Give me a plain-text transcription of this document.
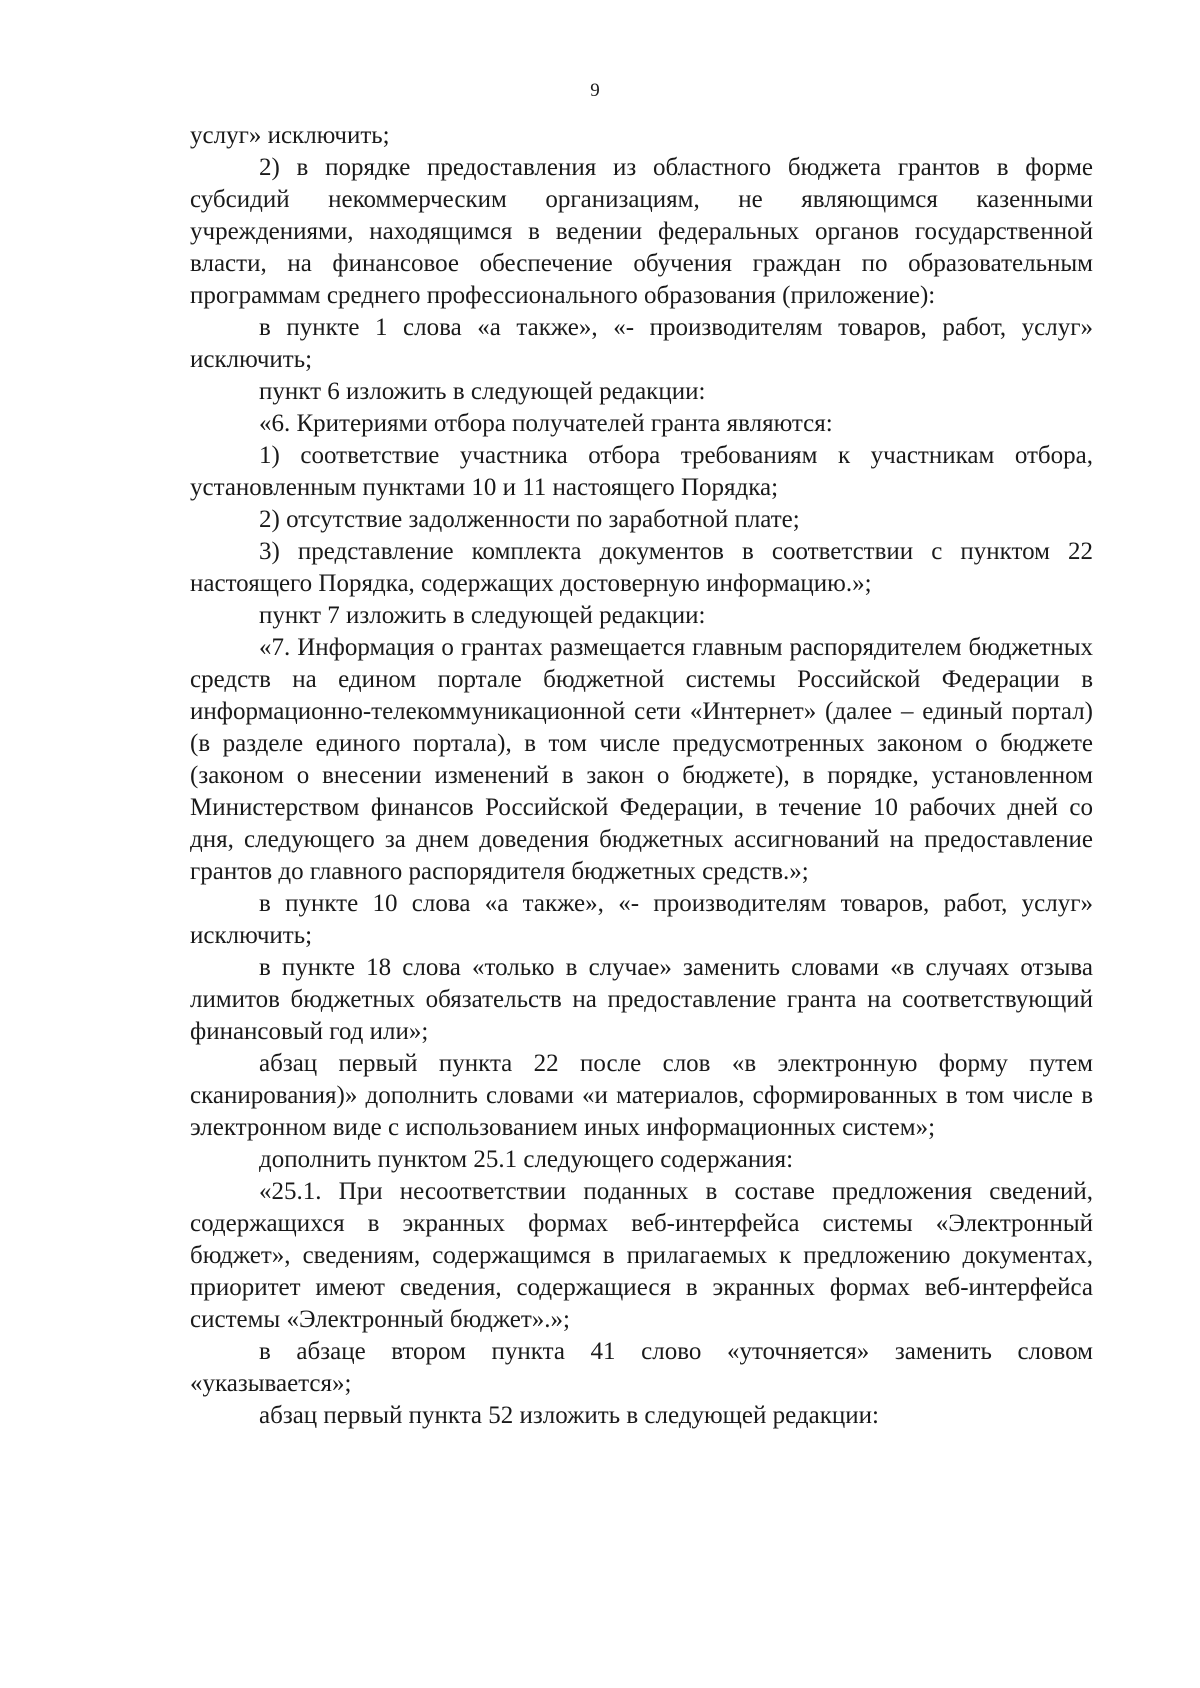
9

услуг» исключить;

2) в порядке предоставления из областного бюджета грантов в форме субсидий некоммерческим организациям, не являющимся казенными учреждениями, находящимся в ведении федеральных органов государственной власти, на финансовое обеспечение обучения граждан по образовательным программам среднего профессионального образования (приложение):

в пункте 1 слова «а также», «- производителям товаров, работ, услуг» исключить;

пункт 6 изложить в следующей редакции:

«6. Критериями отбора получателей гранта являются:

1) соответствие участника отбора требованиям к участникам отбора, установленным пунктами 10 и 11 настоящего Порядка;

2) отсутствие задолженности по заработной плате;

3) представление комплекта документов в соответствии с пунктом 22 настоящего Порядка, содержащих достоверную информацию.»;

пункт 7 изложить в следующей редакции:

«7. Информация о грантах размещается главным распорядителем бюджетных средств на едином портале бюджетной системы Российской Федерации в информационно-телекоммуникационной сети «Интернет» (далее – единый портал) (в разделе единого портала), в том числе предусмотренных законом о бюджете (законом о внесении изменений в закон о бюджете), в порядке, установленном Министерством финансов Российской Федерации, в течение 10 рабочих дней со дня, следующего за днем доведения бюджетных ассигнований на предоставление грантов до главного распорядителя бюджетных средств.»;

в пункте 10 слова «а также», «- производителям товаров, работ, услуг» исключить;

в пункте 18 слова «только в случае» заменить словами «в случаях отзыва лимитов бюджетных обязательств на предоставление гранта на соответствующий финансовый год или»;

абзац первый пункта 22 после слов «в электронную форму путем сканирования)» дополнить словами «и материалов, сформированных в том числе в электронном виде с использованием иных информационных систем»;

дополнить пунктом 25.1 следующего содержания:

«25.1. При несоответствии поданных в составе предложения сведений, содержащихся в экранных формах веб-интерфейса системы «Электронный бюджет», сведениям, содержащимся в прилагаемых к предложению документах, приоритет имеют сведения, содержащиеся в экранных формах веб-интерфейса системы «Электронный бюджет».»;

в абзаце втором пункта 41 слово «уточняется» заменить словом «указывается»;

абзац первый пункта 52 изложить в следующей редакции:
